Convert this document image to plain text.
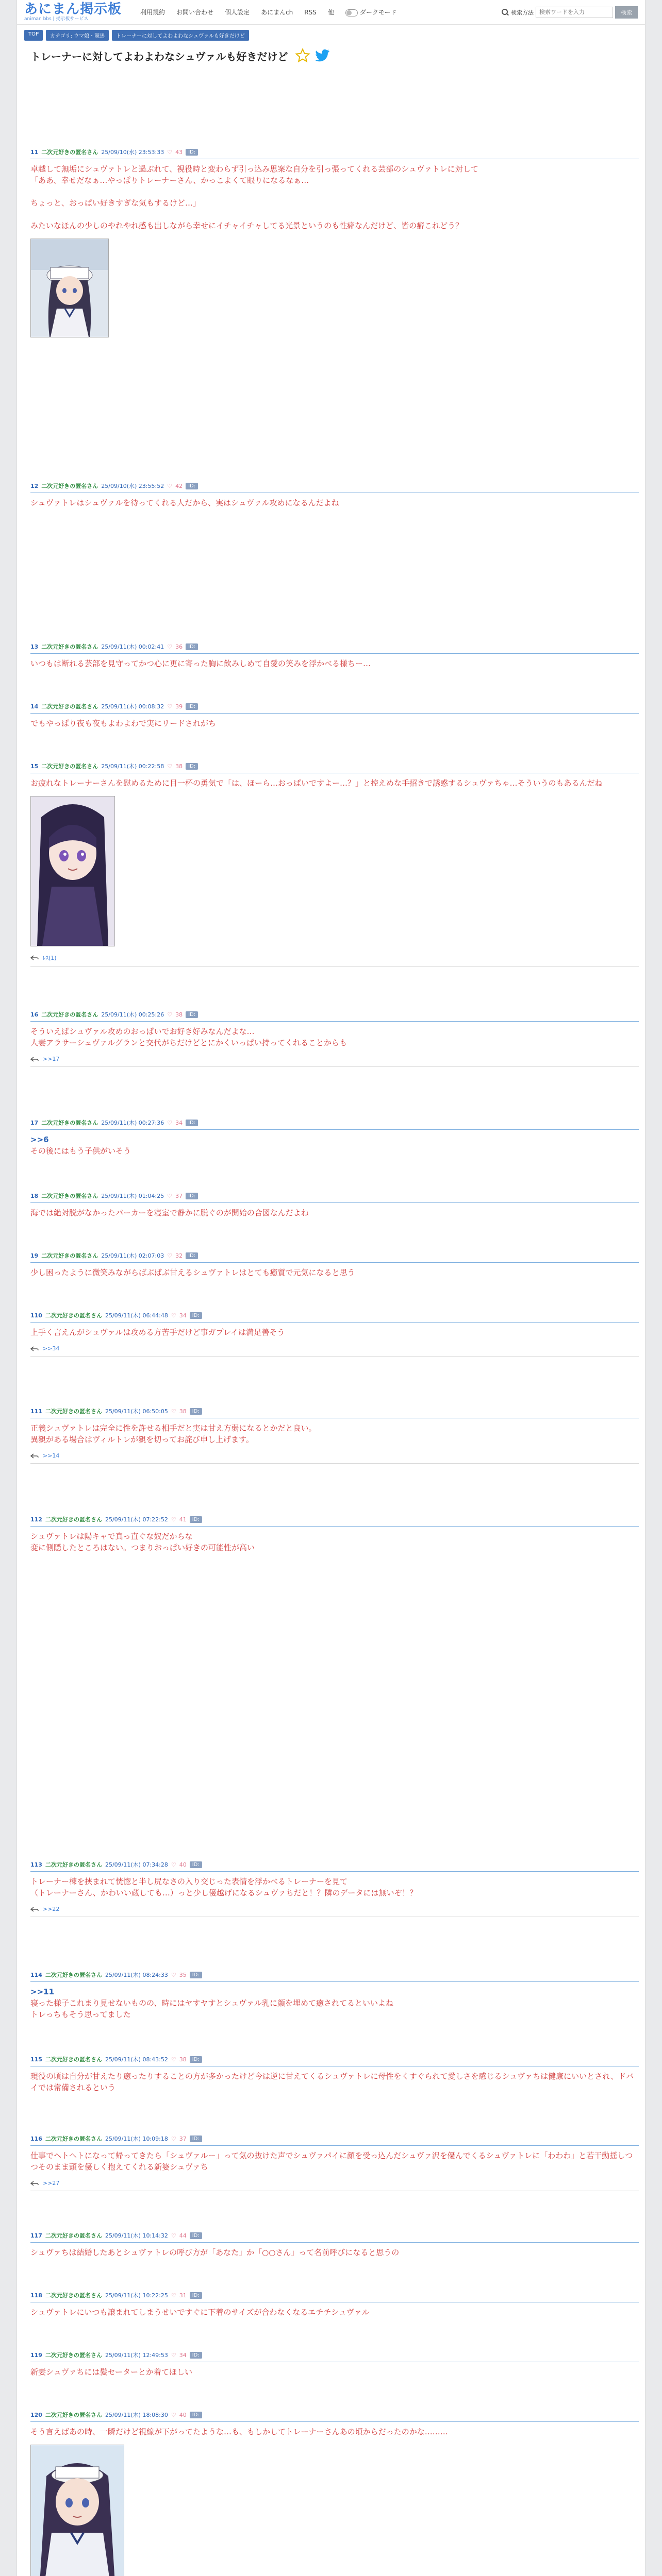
あにまん掲示板
animan bbs | 掲示板サービス
利用規約 お問い合わせ 個人設定 あにまんch RSS 他	ダークモード	検索方法
検索ワードを入力	検索
TOP	カテゴリ: ウマ娘・競馬	トレーナーに対してよわよわなシュヴァルも好きだけど
トレーナーに対してよわよわなシュヴァルも好きだけど
11 二次元好きの匿名さん 25/09/10(水) 23:53:33 ♡ 43	ID:

卓越して無垢にシュヴァトレと過ぶれて、視役時と変わらず引っ込み思案な自分を引っ張ってくれる芸部のシュヴァトレに対して

「ああ、幸せだなぁ…やっぱりトレーナーさん、かっこよくて眼りになるなぁ…

ちょっと、おっぱい好きすぎな気もするけど…」

みたいなほんの少しのやれやれ感も出しながら幸せにイチャイチャしてる光景というのも性癖なんだけど、皆の癖これどう？

12 二次元好きの匿名さん 25/09/10(水) 23:55:52 ♡ 42	ID:

シュヴァトレはシュヴァルを待ってくれる人だから、実はシュヴァル攻めになるんだよね

13 二次元好きの匿名さん 25/09/11(木) 00:02:41 ♡ 36	ID:

いつもは断れる芸部を見守ってかつ心に更に寄った胸に飲みしめて自愛の笑みを浮かべる様ちー…

14 二次元好きの匿名さん 25/09/11(木) 00:08:32 ♡ 39	ID:

でもやっぱり夜も夜もよわよわで実にリードされがち

15 二次元好きの匿名さん 25/09/11(木) 00:22:58 ♡ 38	ID:

お疲れなトレーナーさんを慰めるために目一杯の勇気で「は、ほーら…おっぱいですよー…？」と控えめな手招きで誘惑するシュヴァちゃ…そういうのもあるんだね

ﾚｽ(1)
16 二次元好きの匿名さん 25/09/11(木) 00:25:26 ♡ 38	ID:

そういえばシュヴァル攻めのおっぱいでお好き好みなんだよな…

人妻アラサーシュヴァルグランと交代がちだけどとにかくいっぱい持ってくれることからも

>>17
17 二次元好きの匿名さん 25/09/11(木) 00:27:36 ♡ 34	ID:

>>6

その後にはもう子供がいそう

18 二次元好きの匿名さん 25/09/11(木) 01:04:25 ♡ 37	ID:

海では絶対脱がなかったパーカーを寝室で静かに脱ぐのが開始の合図なんだよね

19 二次元好きの匿名さん 25/09/11(木) 02:07:03 ♡ 32	ID:

少し困ったように微笑みながらばぶばぶ甘えるシュヴァトレはとても癒質で元気になると思う

110 二次元好きの匿名さん 25/09/11(木) 06:44:48 ♡ 34	ID:

上手く言えんがシュヴァルは攻める方苦手だけど事ガプレイは満足善そう

>>34
111 二次元好きの匿名さん 25/09/11(木) 06:50:05 ♡ 38	ID:

正義シュヴァトレは完全に性を許せる相手だと実は甘え方弱になるとかだと良い。

異親がある場合はヴィルトレが親を切ってお詫び申し上げます。

>>14
112 二次元好きの匿名さん 25/09/11(木) 07:22:52 ♡ 41	ID:

シュヴァトレは陽キャで真っ直ぐな奴だからな

変に側隠したところはない。つまりおっぱい好きの可能性が高い

113 二次元好きの匿名さん 25/09/11(木) 07:34:28 ♡ 40	ID:

トレーナー棟を挟まれて恍惚と半し尻なさの入り交じった表情を浮かべるトレーナーを見て

（トレーナーさん、かわいい蔵しても…）っと少し優越げになるシュヴァちだと！？隣のデータには無いぞ！？

>>22
114 二次元好きの匿名さん 25/09/11(木) 08:24:33 ♡ 35	ID:

>>11

寝った様子これまり見せないものの、時にはヤすヤすとシュヴァル乳に顔を埋めて癒されてるといいよね

トレっちもそう思ってました

115 二次元好きの匿名さん 25/09/11(木) 08:43:52 ♡ 38	ID:

現役の頃は自分が甘えたり癒ったりすることの方が多かったけど今は逆に甘えてくるシュヴァトレに母性をくすぐられて愛しさを感じるシュヴァちは健康にいいとされ、ドバイでは常備されるという

116 二次元好きの匿名さん 25/09/11(木) 10:09:18 ♡ 37	ID:

仕事でヘトヘトになって帰ってきたら「シュヴァルー」って気の抜けた声でシュヴァパイに顔を受っ込んだシュヴァ沢を優んでくるシュヴァトレに「わわわ」と若干動揺しつつそのまま頭を優しく抱えてくれる新婆シュヴァち

>>27
117 二次元好きの匿名さん 25/09/11(木) 10:14:32 ♡ 44	ID:

シュヴァちは結婚したあとシュヴァトレの呼び方が「あなた」か「○○さん」って名前呼びになると思うの

118 二次元好きの匿名さん 25/09/11(木) 10:22:25 ♡ 31	ID:

シュヴァトレにいつも譲まれてしまうせいですぐに下着のサイズが合わなくなるエチチシュヴァル

119 二次元好きの匿名さん 25/09/11(木) 12:49:53 ♡ 34	ID:

新妻シュヴァちには髪セーターとか着てほしい

120 二次元好きの匿名さん 25/09/11(木) 18:08:30 ♡ 40	ID:

そう言えばあの時、一瞬だけど視線が下がってたような…も、もしかしてトレーナーさんあの頃からだったのかな………
